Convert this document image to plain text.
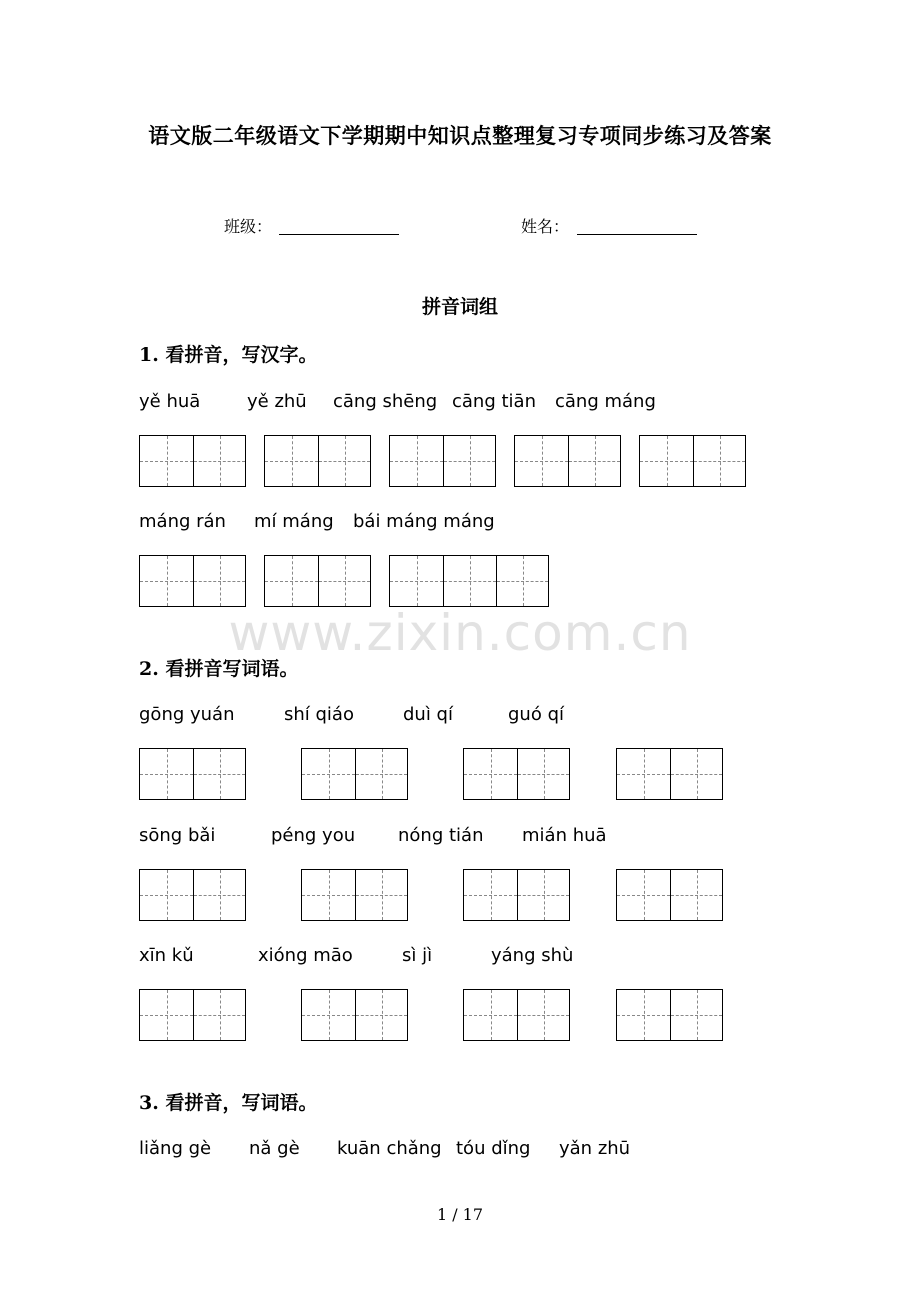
语文版二年级语文下学期期中知识点整理复习专项同步练习及答案
班级：	姓名：
拼音词组
1. 看拼音，写汉字。
yě huā	yě zhū cāng shēng cāng tiān cāng máng
máng rán mí máng bái máng máng
www.zixin.com.cn
2. 看拼音写词语。
gōng yuán	shí qiáo	duì qí	guó qí
sōng bǎi	péng you nóng tián mián huā
xīn kǔ	xióng māo	sì jì	yáng shù
3. 看拼音，写词语。
liǎng gè nǎ gè kuān chǎng tóu dǐng yǎn zhū
1 / 17
